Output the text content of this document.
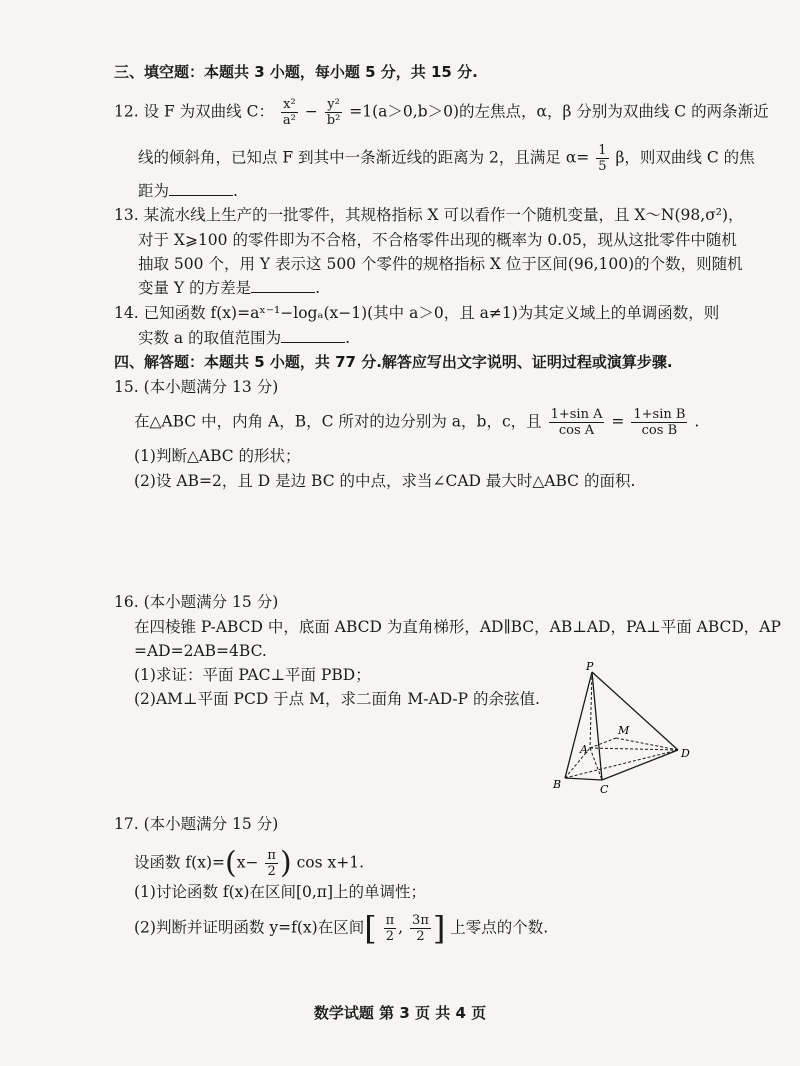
三、填空题：本题共 3 小题，每小题 5 分，共 15 分.
12. 设 F 为双曲线 C： $\frac{\text{x²}}{\text{a²}} - \frac{\text{y²}}{\text{b²}} =1(a>0,b>0)$的左焦点，α，β 分别为双曲线 C 的两条渐近
线的倾斜角，已知点 F 到其中一条渐近线的距离为 2，且满足 $\alpha= \frac{1}{5}$ β，则双曲线 C 的焦
距为	.
13. 某流水线上生产的一批零件，其规格指标 X 可以看作一个随机变量，且 X～N(98,σ²)，
对于 X⩾100 的零件即为不合格，不合格零件出现的概率为 0.05，现从这批零件中随机
抽取 500 个，用 Y 表示这 500 个零件的规格指标 X 位于区间(96,100)的个数，则随机
变量 Y 的方差是	.
14. 已知函数 f(x)=aˣ⁻¹−logₐ(x−1)(其中 a＞0，且 a≠1)为其定义域上的单调函数，则
实数 a 的取值范围为	.
四、解答题：本题共 5 小题，共 77 分.解答应写出文字说明、证明过程或演算步骤.
15. (本小题满分 13 分)
在△ABC 中，内角 A，B，C 所对的边分别为 a，b，c，且 $\frac{\text{1+sin A}}{\text{cos A}} = \frac{\text{1+sin B}}{\text{cos B}}$ .
(1)判断△ABC 的形状；
(2)设 AB=2，且 D 是边 BC 的中点，求当∠CAD 最大时△ABC 的面积.
16. (本小题满分 15 分)
在四棱锥 P-ABCD 中，底面 ABCD 为直角梯形，AD∥BC，AB⊥AD，PA⊥平面 ABCD，AP
=AD=2AB=4BC.
(1)求证：平面 PAC⊥平面 PBD；
(2)AM⊥平面 PCD 于点 M，求二面角 M-AD-P 的余弦值.
P
M
A	D
B	C
17. (本小题满分 15 分)
设函数 $f(x)=(x- \frac{\pi}{2}$ ) cos x+1.
(1)讨论函数 f(x)在区间[0,π]上的单调性；
(2)判断并证明函数 y=f(x)在区间[ $\frac{\pi}{2}$ , $\frac{3\pi}{2}$ ] 上零点的个数.
数学试题 第 3 页 共 4 页
